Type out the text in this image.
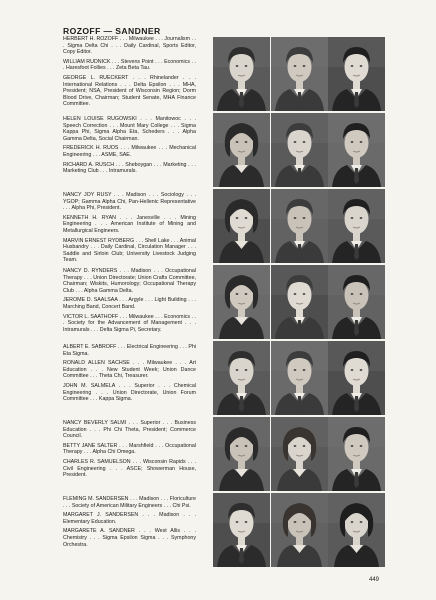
ROZOFF — SANDNER
HERBERT H. ROZOFF . . . Milwaukee . . . Journalism . . . Sigma Delta Chi . . . Daily Cardinal, Sports Editor, Copy Editor.
WILLIAM RUDNICK . . . Stevens Point . . . Economics . . . Haresfoot Follies . . . Zeta Beta Tau.
GEORGE L. RUECKERT . . . Rhinelander . . . International Relations . . . Delta Epsilon . . . MHA, President; NSA, President of Wisconsin Region; Dorm Blood Drive, Chairman; Student Senate, MHA Finance Committee.
HELEN LOUISE RUGOWSKI . . . Manitowoc . . . Speech Correction . . . Mount Mary College . . . Sigma Kappa Phi, Sigma Alpha Eta, Scheders . . . Alpha Gamma Delta, Social Chairman.
FREDERICK H. RUOS . . . Milwaukee . . . Mechanical Engineering . . . ASME, SAE.
RICHARD A. RUSCH . . . Sheboygan . . . Marketing . . . Marketing Club . . . Intramurals.
NANCY JOY RUSY . . . Madison . . . Sociology . . . YGOP; Gamma Alpha Chi, Pan-Hellenic Representative . . . Alpha Phi, President.
KENNETH H. RYAN . . . Janesville . . . Mining Engineering . . . American Institute of Mining and Metallurgical Engineers.
MARVIN ERNEST RYDBERG . . . Shell Lake . . . Animal Husbandry . . . Daily Cardinal, Circulation Manager . . . Saddle and Sirloin Club; University Livestock Judging Team.
NANCY D. RYNDERS . . . Madison . . . Occupational Therapy . . . Union Directorate; Union Crafts Committee, Chairman; Wiskits, Humorology; Occupational Therapy Club . . . Alpha Gamma Delta.
JEROME D. SAALSAA . . . Argyle . . . Light Building . . . Marching Band, Concert Band.
VICTOR L. SAATHOFF . . . Milwaukee . . . Economics . . . Society for the Advancement of Management . . . Intramurals . . . Delta Sigma Pi, Secretary.
ALBERT E. SABROFF . . . Electrical Engineering . . . Phi Eta Sigma.
RONALD ALLEN SACHSE . . . Milwaukee . . . Art Education . . . New Student Week; Union Dance Committee . . . Theta Chi, Treasurer.
JOHN M. SALMELA . . . Superior . . . Chemical Engineering . . . Union Directorate, Union Forum Committee . . . Kappa Sigma.
NANCY BEVERLY SALMI . . . Superior . . . Business Education . . . Phi Chi Theta, President; Commerce Council.
BETTY JANE SALTER . . . Marshfield . . . Occupational Therapy . . . Alpha Chi Omega.
CHARLES R. SAMUELSON . . . Wisconsin Rapids . . . Civil Engineering . . . ASCE; Showerman House, President.
FLEMING M. SANDERSEN . . . Madison . . . Floriculture . . . Society of American Military Engineers . . . Chi Psi.
MARGARET J. SANDERSEN . . . Madison . . . Elementary Education.
MARGARETE A. SANDNER . . . West Allis . . . Chemistry . . . Sigma Epsilon Sigma . . . Symphony Orchestra.
449
